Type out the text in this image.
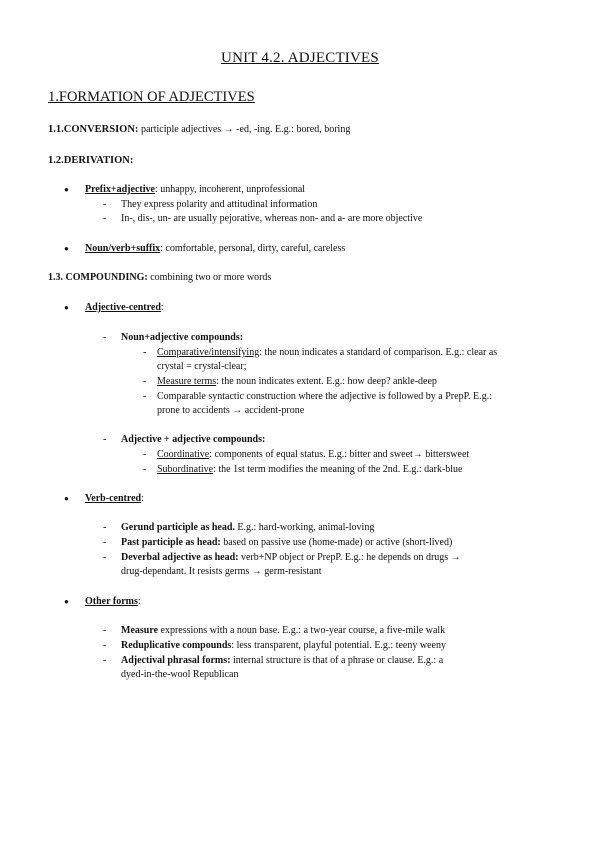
UNIT 4.2. ADJECTIVES
1.FORMATION OF ADJECTIVES
1.1.CONVERSION: participle adjectives → -ed, -ing. E.g.: bored, boring
1.2.DERIVATION:
● Prefix+adjective: unhappy, incoherent, unprofessional
- They express polarity and attitudinal information
- In-, dis-, un- are usually pejorative, whereas non- and a- are more objective
● Noun/verb+suffix: comfortable, personal, dirty, careful, careless
1.3. COMPOUNDING: combining two or more words
● Adjective-centred:
- Noun+adjective compounds:
- Comparative/intensifying: the noun indicates a standard of comparison. E.g.: clear as
crystal = crystal-clear;
- Measure terms: the noun indicates extent. E.g.: how deep? ankle-deep
- Comparable syntactic construction where the adjective is followed by a PrepP. E.g.:
prone to accidents → accident-prone
- Adjective + adjective compounds:
- Coordinative: components of equal status. E.g.: bitter and sweet→ bittersweet
- Subordinative: the 1st term modifies the meaning of the 2nd. E.g.: dark-blue
● Verb-centred:
- Gerund participle as head. E.g.: hard-working, animal-loving
- Past participle as head: based on passive use (home-made) or active (short-lived)
- Deverbal adjective as head: verb+NP object or PrepP. E.g.: he depends on drugs →
drug-dependant. It resists germs → germ-resistant
● Other forms:
- Measure expressions with a noun base. E.g.: a two-year course, a five-mile walk
- Reduplicative compounds: less transparent, playful potential. E.g.: teeny weeny
- Adjectival phrasal forms: internal structure is that of a phrase or clause. E.g.: a
dyed-in-the-wool Republican
